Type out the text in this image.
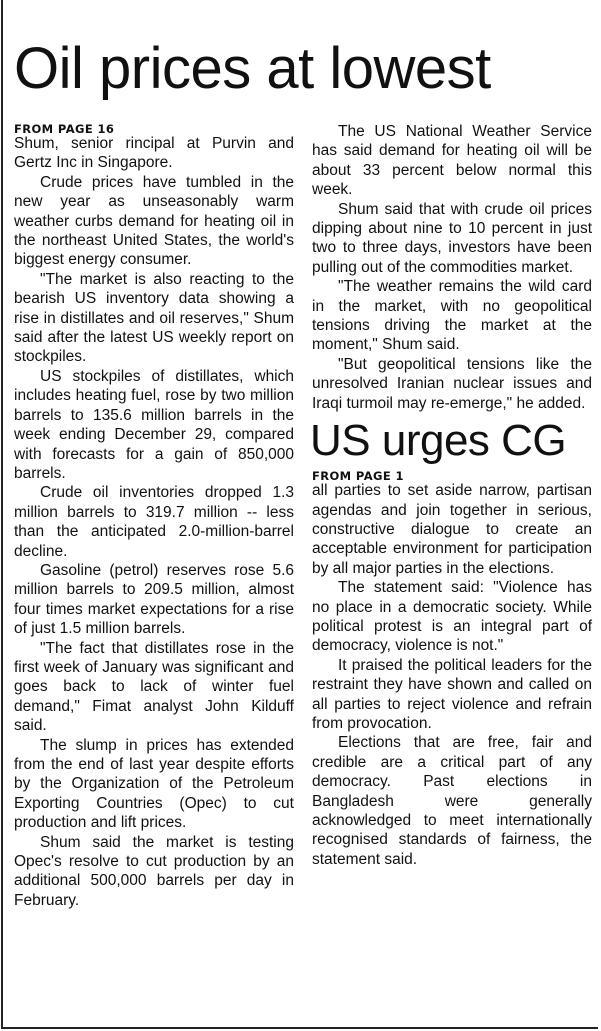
Oil prices at lowest
FROM PAGE 16

Shum, senior rincipal at Purvin and Gertz Inc in Singapore.

Crude prices have tumbled in the new year as unseasonably warm weather curbs demand for heating oil in the northeast United States, the world's biggest energy consumer.

"The market is also reacting to the bearish US inventory data showing a rise in distillates and oil reserves," Shum said after the latest US weekly report on stockpiles.

US stockpiles of distillates, which includes heating fuel, rose by two million barrels to 135.6 million barrels in the week ending December 29, compared with forecasts for a gain of 850,000 barrels.

Crude oil inventories dropped 1.3 million barrels to 319.7 million -- less than the anticipated 2.0-million-barrel decline.

Gasoline (petrol) reserves rose 5.6 million barrels to 209.5 million, almost four times market expectations for a rise of just 1.5 million barrels.

"The fact that distillates rose in the first week of January was significant and goes back to lack of winter fuel demand," Fimat analyst John Kilduff said.

The slump in prices has extended from the end of last year despite efforts by the Organization of the Petroleum Exporting Countries (Opec) to cut production and lift prices.

Shum said the market is testing Opec's resolve to cut production by an additional 500,000 barrels per day in February.

The US National Weather Service has said demand for heating oil will be about 33 percent below normal this week.

Shum said that with crude oil prices dipping about nine to 10 percent in just two to three days, investors have been pulling out of the commodities market.

"The weather remains the wild card in the market, with no geopolitical tensions driving the market at the moment," Shum said.

"But geopolitical tensions like the unresolved Iranian nuclear issues and Iraqi turmoil may re-emerge," he added.

US urges CG
FROM PAGE 1

all parties to set aside narrow, partisan agendas and join together in serious, constructive dialogue to create an acceptable environment for participation by all major parties in the elections.

The statement said: "Violence has no place in a democratic society. While political protest is an integral part of democracy, violence is not."

It praised the political leaders for the restraint they have shown and called on all parties to reject violence and refrain from provocation.

Elections that are free, fair and credible are a critical part of any democracy. Past elections in Bangladesh were generally acknowledged to meet internationally recognised standards of fairness, the statement said.
